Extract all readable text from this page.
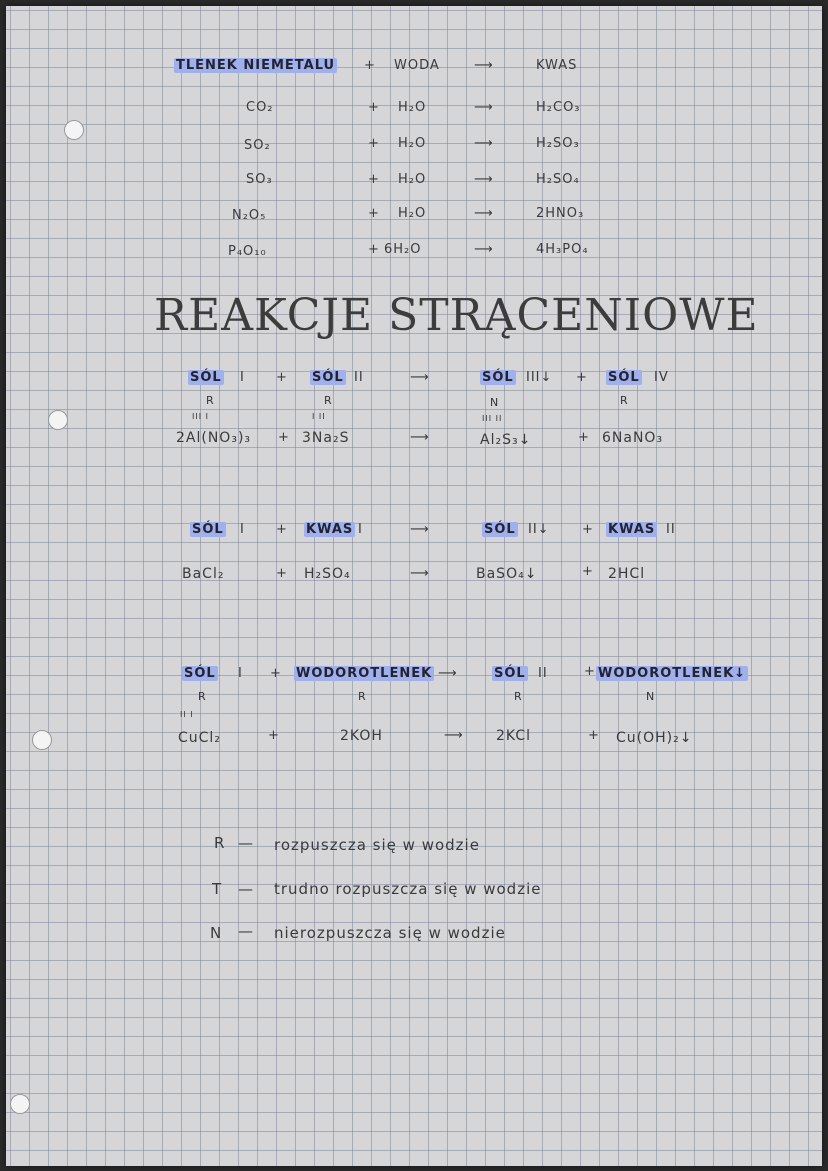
TLENEK NIEMETALU + WODA	⟶	KWAS
CO₂	+ H₂O	⟶	H₂CO₃
SO₂	+ H₂O	⟶	H₂SO₃
SO₃	+ H₂O	⟶	H₂SO₄
N₂O₅	+ H₂O	⟶	2HNO₃
P₄O₁₀	+ 6H₂O	⟶	4H₃PO₄
REAKCJE STRĄCENIOWE
SÓL I + SÓL II	⟶	SÓL III↓ + SÓL IV
R	R	N	R
III I	I II	III II
2Al(NO₃)₃ + 3Na₂S	⟶	Al₂S₃↓	+ 6NaNO₃
SÓL I + KWAS I	⟶	SÓL II↓ + KWAS II
BaCl₂	+ H₂SO₄	⟶	BaSO₄↓	+ 2HCl
SÓL I + WODOROTLENEK ⟶	SÓL II	+ WODOROTLENEK↓
R	R	R	N
II I
CuCl₂	+	2KOH	⟶ 2KCl	+ Cu(OH)₂↓
R — rozpuszcza się w wodzie
T — trudno rozpuszcza się w wodzie
N — nierozpuszcza się w wodzie
